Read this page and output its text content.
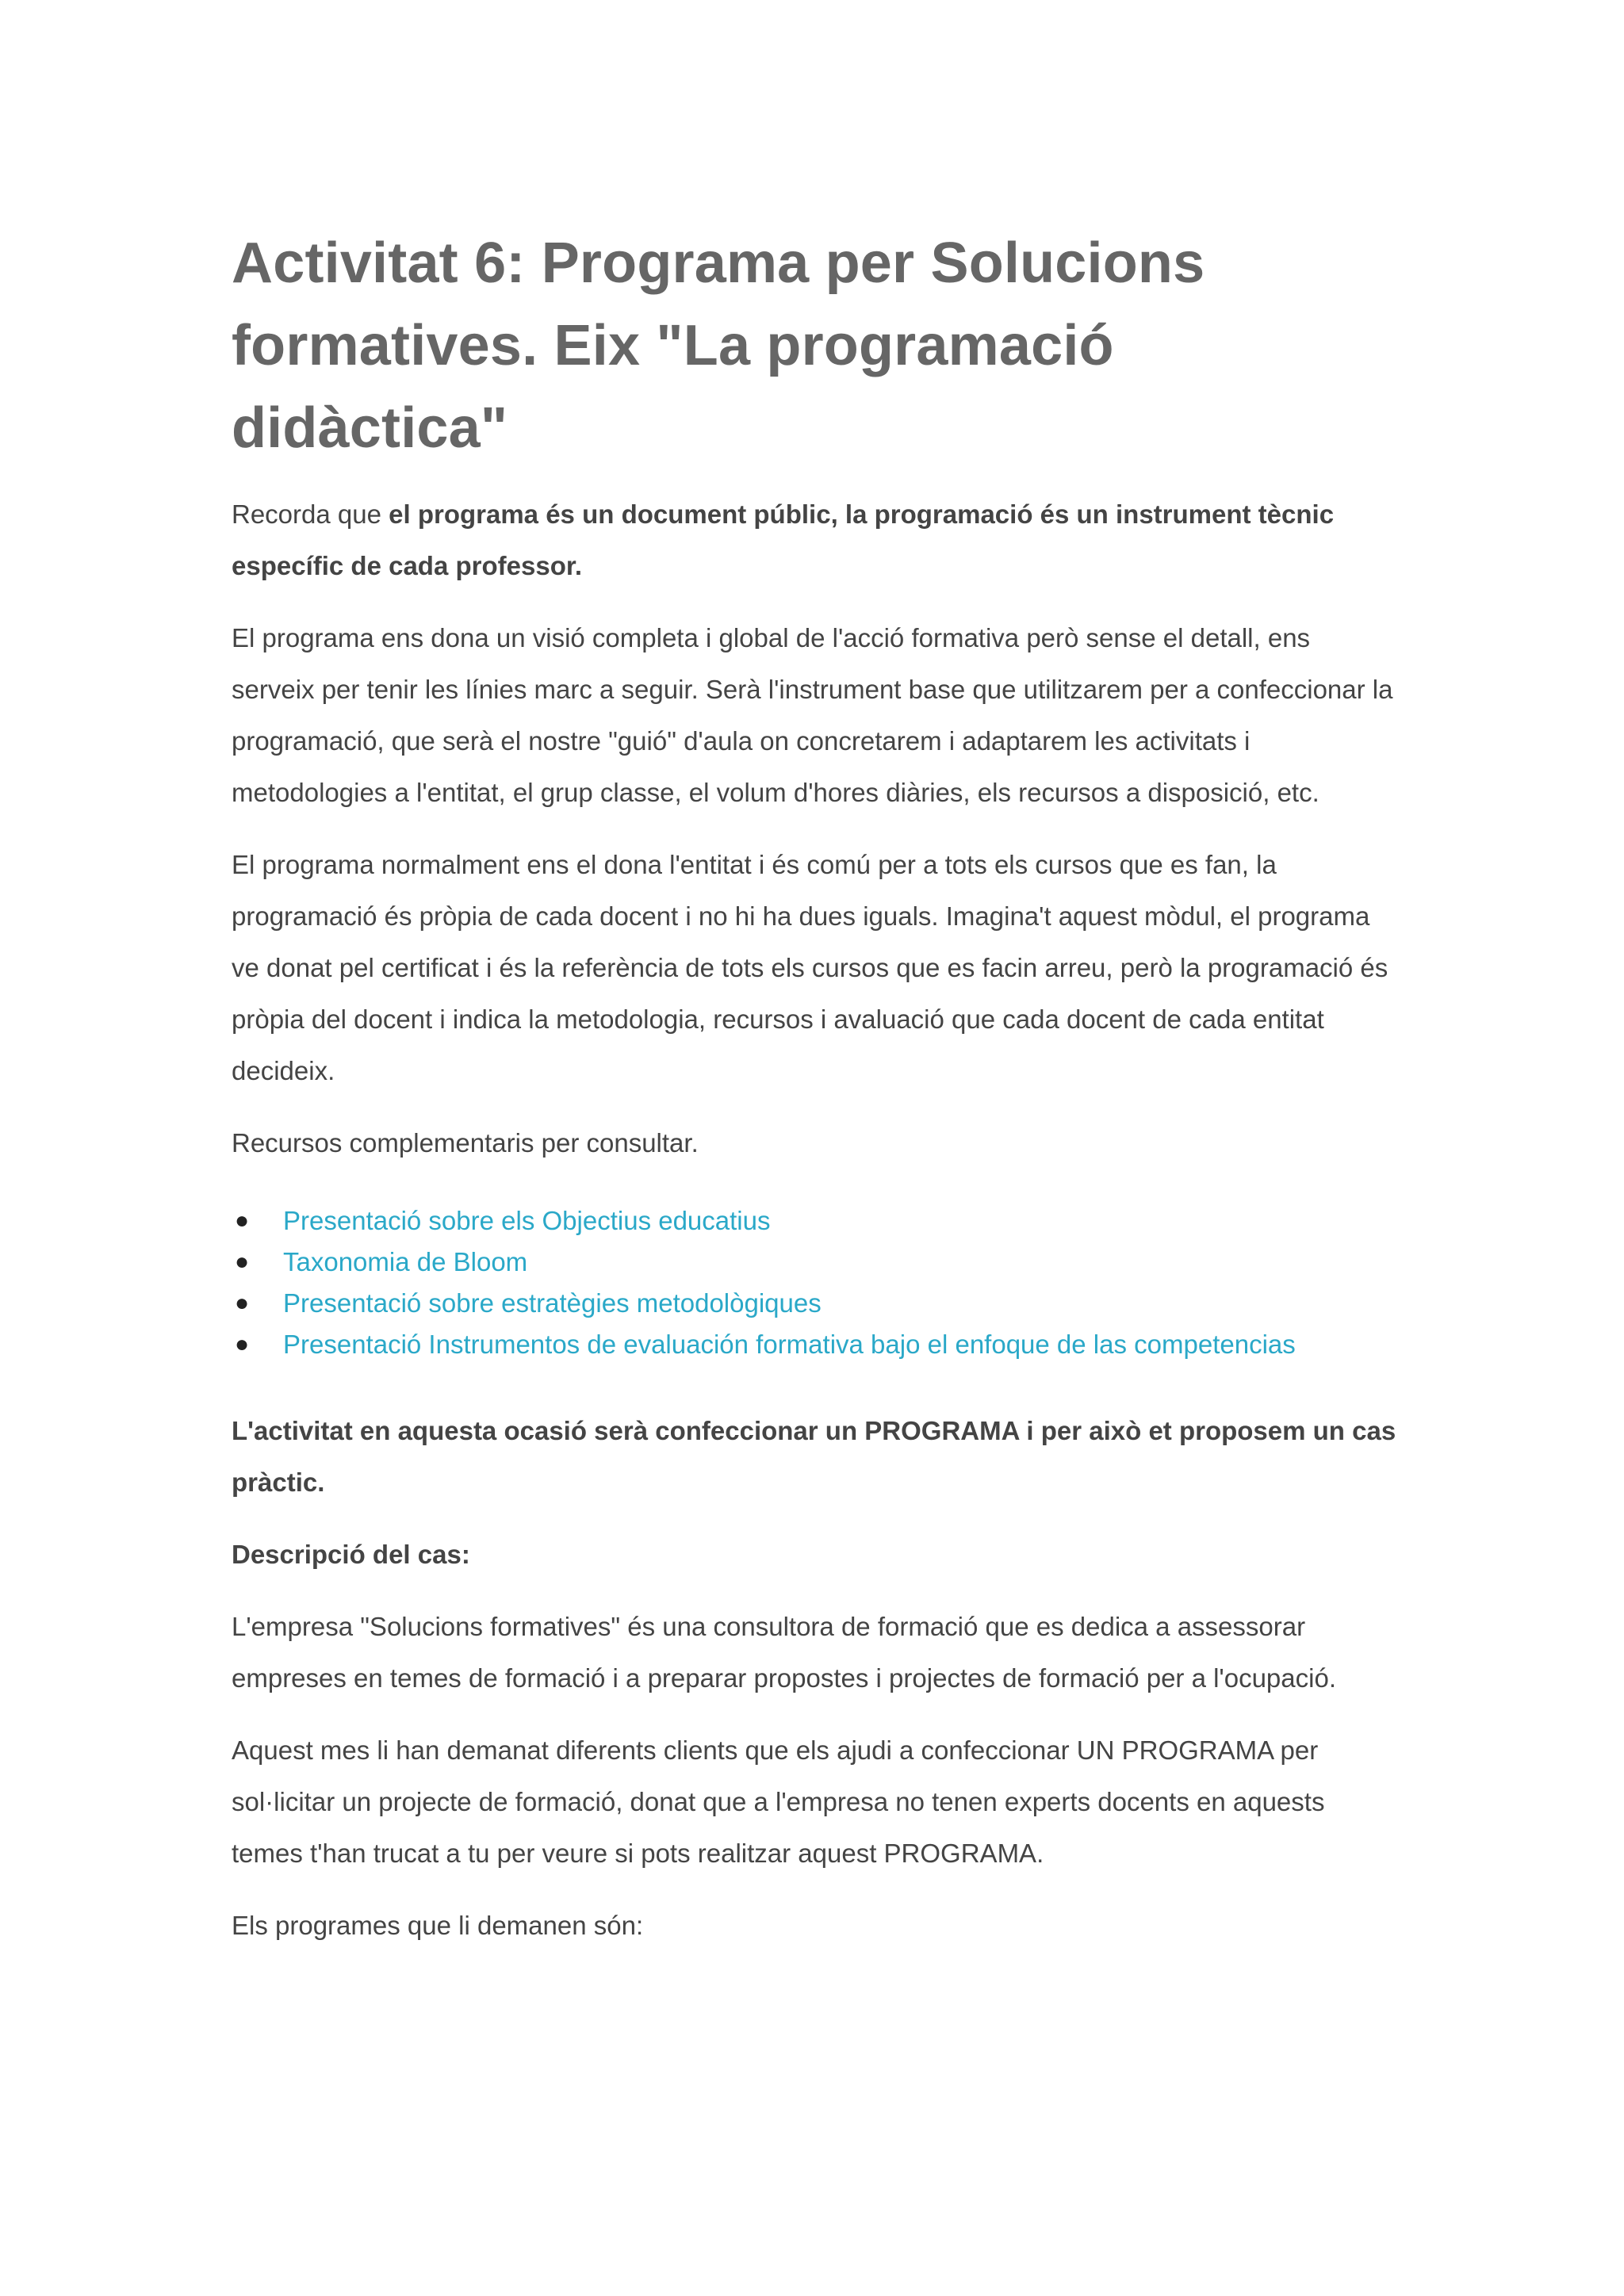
Activitat 6: Programa per Solucions formatives. Eix "La programació didàctica"

Recorda que el programa és un document públic, la programació és un instrument tècnic específic de cada professor.

El programa ens dona un visió completa i global de l'acció formativa però sense el detall, ens serveix per tenir les línies marc a seguir. Serà l'instrument base que utilitzarem per a confeccionar la programació, que serà el nostre "guió" d'aula on concretarem i adaptarem les activitats i metodologies a l'entitat, el grup classe, el volum d'hores diàries, els recursos a disposició, etc.

El programa normalment ens el dona l'entitat i és comú per a tots els cursos que es fan, la programació és pròpia de cada docent i no hi ha dues iguals. Imagina't aquest mòdul, el programa ve donat pel certificat i és la referència de tots els cursos que es facin arreu, però la programació és pròpia del docent i indica la metodologia, recursos i avaluació que cada docent de cada entitat decideix.

Recursos complementaris per consultar.

● Presentació sobre els Objectius educatius
● Taxonomia de Bloom
● Presentació sobre estratègies metodològiques
● Presentació Instrumentos de evaluación formativa bajo el enfoque de las competencias

L'activitat en aquesta ocasió serà confeccionar un PROGRAMA i per això et proposem un cas pràctic.

Descripció del cas:

L'empresa "Solucions formatives" és una consultora de formació que es dedica a assessorar empreses en temes de formació i a preparar propostes i projectes de formació per a l'ocupació.

Aquest mes li han demanat diferents clients que els ajudi a confeccionar UN PROGRAMA per sol·licitar un projecte de formació, donat que a l'empresa no tenen experts docents en aquests temes t'han trucat a tu per veure si pots realitzar aquest PROGRAMA.

Els programes que li demanen són:
